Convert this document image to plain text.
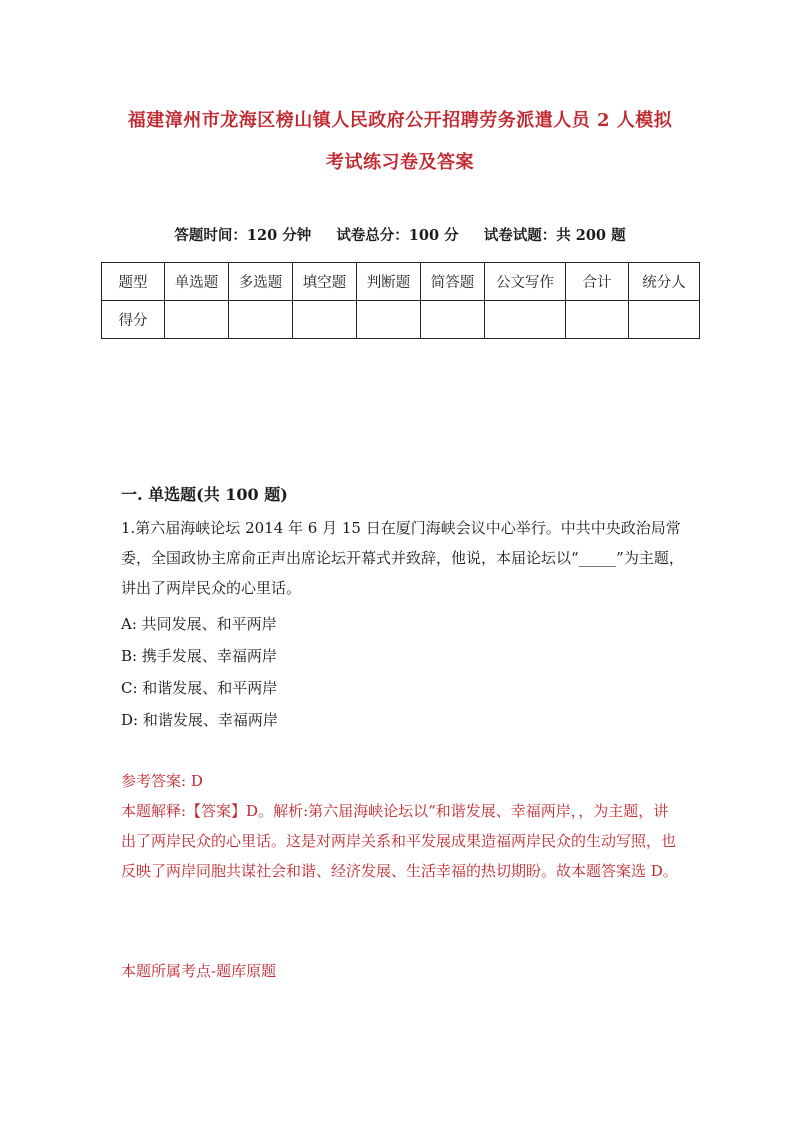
福建漳州市龙海区榜山镇人民政府公开招聘劳务派遣人员 2 人模拟
考试练习卷及答案
答题时间：120 分钟 试卷总分：100 分 试卷试题：共 200 题
题型	单选题	多选题	填空题	判断题	简答题	公文写作	合计	统分人
得分								
一. 单选题(共 100 题)
1.第六届海峡论坛 2014 年 6 月 15 日在厦门海峡会议中心举行。中共中央政治局常委，全国政协主席俞正声出席论坛开幕式并致辞，他说，本届论坛以“_____”为主题，讲出了两岸民众的心里话。
A: 共同发展、和平两岸
B: 携手发展、幸福两岸
C: 和谐发展、和平两岸
D: 和谐发展、幸福两岸
参考答案: D
本题解释:【答案】D。解析:第六届海峡论坛以“和谐发展、幸福两岸，，为主题，讲出了两岸民众的心里话。这是对两岸关系和平发展成果造福两岸民众的生动写照，也反映了两岸同胞共谋社会和谐、经济发展、生活幸福的热切期盼。故本题答案选 D。
本题所属考点-题库原题
